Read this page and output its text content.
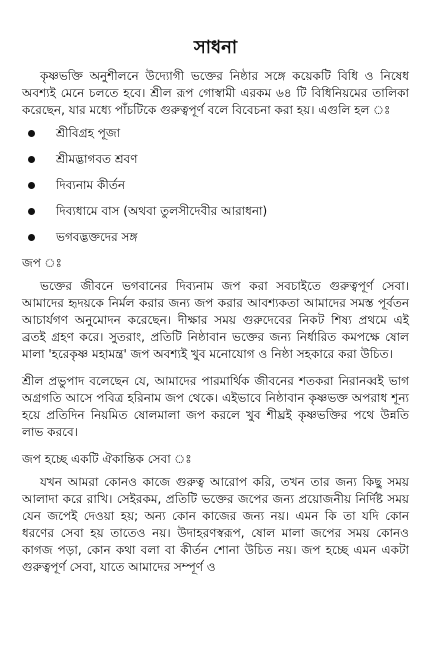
সাধনা

কৃষ্ণভক্তি অনুশীলনে উদ্যোগী ভক্তের নিষ্ঠার সঙ্গে কয়েকটি বিধি ও নিষেধ অবশ্যই মেনে চলতে হবে। শ্রীল রূপ গোস্বামী এরকম ৬৪ টি বিধিনিয়মের তালিকা করেছেন, যার মধ্যে পাঁচটিকে গুরুত্বপূর্ণ বলে বিবেচনা করা হয়। এগুলি হল ঃ

শ্রীবিগ্রহ পূজা
শ্রীমদ্ভাগবত শ্রবণ
দিব্যনাম কীর্তন
দিব্যধামে বাস (অথবা তুলসীদেবীর আরাধনা)
ভগবদ্ভক্তদের সঙ্গ
জপ ঃ

ভক্তের জীবনে ভগবানের দিব্যনাম জপ করা সবচাইতে গুরুত্বপূর্ণ সেবা। আমাদের হৃদয়কে নির্মল করার জন্য জপ করার আবশ্যকতা আমাদের সমস্ত পূর্বতন আচার্যগণ অনুমোদন করেছেন। দীক্ষার সময় গুরুদেবের নিকট শিষ্য প্রথমে এই ব্রতই গ্রহণ করে। সুতরাং, প্রতিটি নিষ্ঠাবান ভক্তের জন্য নির্ধারিত কমপক্ষে ষোল মালা 'হরেকৃষ্ণ মহামন্ত্র' জপ অবশ্যই খুব মনোযোগ ও নিষ্ঠা সহকারে করা উচিত।

শ্রীল প্রভুপাদ বলেছেন যে, আমাদের পারমার্থিক জীবনের শতকরা নিরানব্বই ভাগ অগ্রগতি আসে পবিত্র হরিনাম জপ থেকে। এইভাবে নিষ্ঠাবান কৃষ্ণভক্ত অপরাধ শূন্য হয়ে প্রতিদিন নিয়মিত ষোলমালা জপ করলে খুব শীঘ্রই কৃষ্ণভক্তির পথে উন্নতি লাভ করবে।

জপ হচ্ছে একটি ঐকান্তিক সেবা ঃ

যখন আমরা কোনও কাজে গুরুত্ব আরোপ করি, তখন তার জন্য কিছু সময় আলাদা করে রাখি। সেইরকম, প্রতিটি ভক্তের জপের জন্য প্রয়োজনীয় নির্দিষ্ট সময় যেন জপেই দেওয়া হয়; অন্য কোন কাজের জন্য নয়। এমন কি তা যদি কোন ধরণের সেবা হয় তাতেও নয়। উদাহরণস্বরূপ, ষোল মালা জপের সময় কোনও কাগজ পড়া, কোন কথা বলা বা কীর্তন শোনা উচিত নয়। জপ হচ্ছে এমন একটা গুরুত্বপূর্ণ সেবা, যাতে আমাদের সম্পূর্ণ ও
